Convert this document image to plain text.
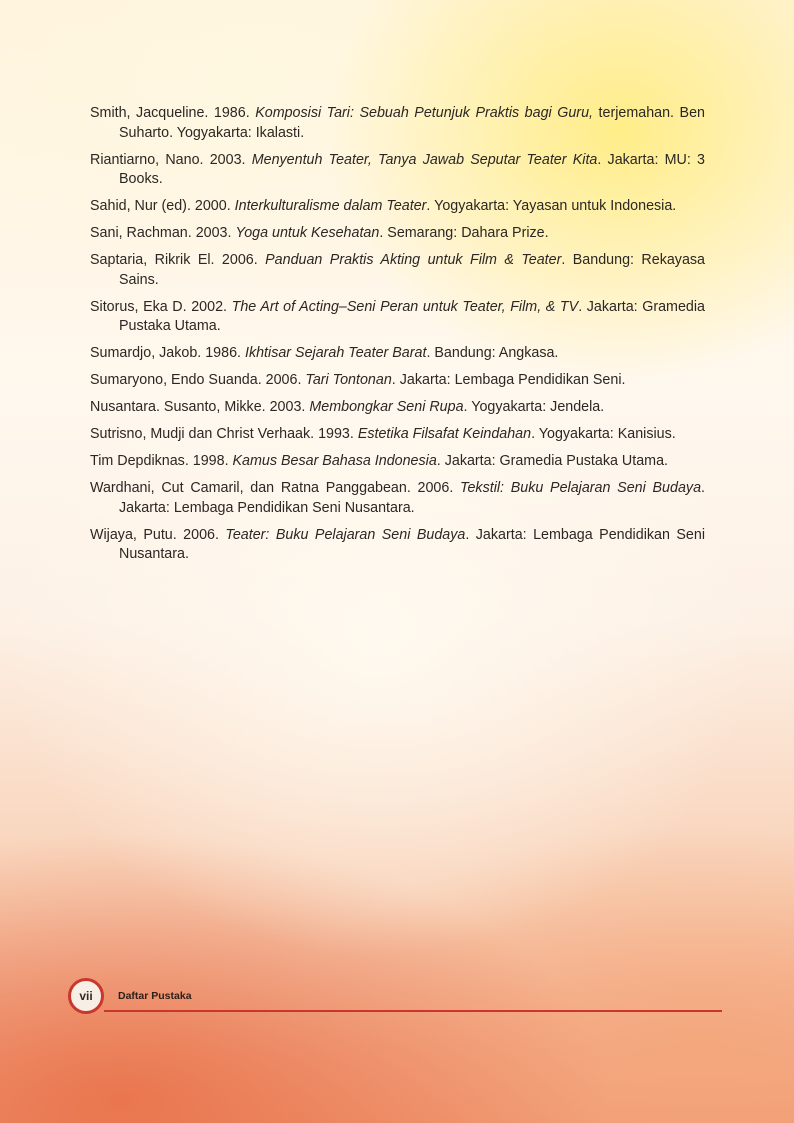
Smith, Jacqueline. 1986. Komposisi Tari: Sebuah Petunjuk Praktis bagi Guru, terjemahan. Ben Suharto. Yogyakarta: Ikalasti.

Riantiarno, Nano. 2003. Menyentuh Teater, Tanya Jawab Seputar Teater Kita. Jakarta: MU: 3 Books.

Sahid, Nur (ed). 2000. Interkulturalisme dalam Teater. Yogyakarta: Yayasan untuk Indonesia.

Sani, Rachman. 2003. Yoga untuk Kesehatan. Semarang: Dahara Prize.

Saptaria, Rikrik El. 2006. Panduan Praktis Akting untuk Film & Teater. Bandung: Rekayasa Sains.

Sitorus, Eka D. 2002. The Art of Acting–Seni Peran untuk Teater, Film, & TV. Jakarta: Gramedia Pustaka Utama.

Sumardjo, Jakob. 1986. Ikhtisar Sejarah Teater Barat. Bandung: Angkasa.

Sumaryono, Endo Suanda. 2006. Tari Tontonan. Jakarta: Lembaga Pendidikan Seni.

Nusantara. Susanto, Mikke. 2003. Membongkar Seni Rupa. Yogyakarta: Jendela.

Sutrisno, Mudji dan Christ Verhaak. 1993. Estetika Filsafat Keindahan. Yogyakarta: Kanisius.

Tim Depdiknas. 1998. Kamus Besar Bahasa Indonesia. Jakarta: Gramedia Pustaka Utama.

Wardhani, Cut Camaril, dan Ratna Panggabean. 2006. Tekstil: Buku Pelajaran Seni Budaya. Jakarta: Lembaga Pendidikan Seni Nusantara.

Wijaya, Putu. 2006. Teater: Buku Pelajaran Seni Budaya. Jakarta: Lembaga Pendidikan Seni Nusantara.

vii Daftar Pustaka
